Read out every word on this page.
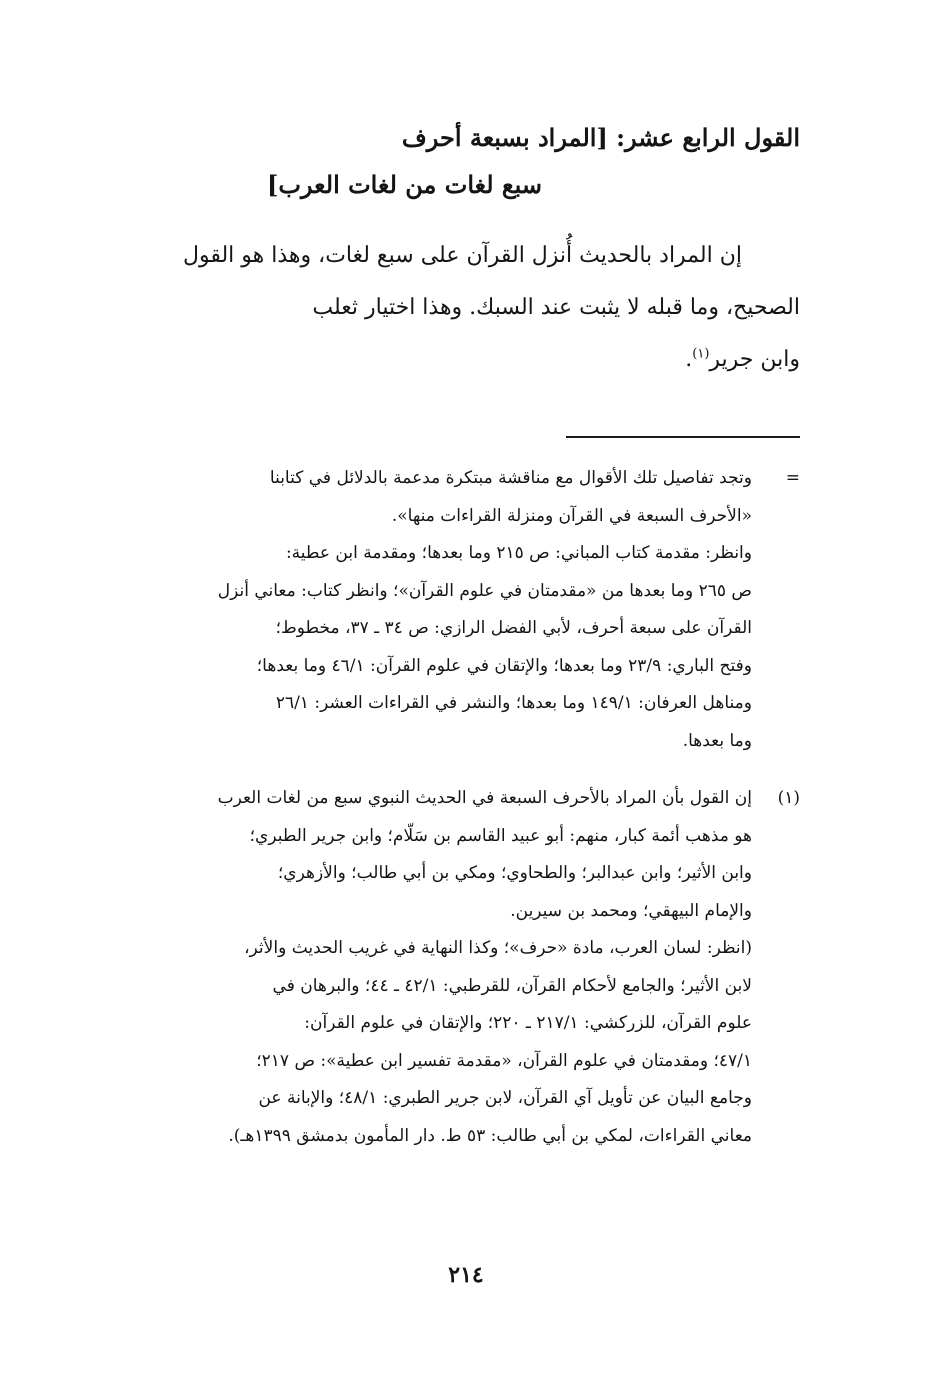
القول الرابع عشر: [المراد بسبعة أحرف
سبع لغات من لغات العرب]

إن المراد بالحديث أُنزل القرآن على سبع لغات، وهذا هو القول

الصحيح، وما قبله لا يثبت عند السبك. وهذا اختيار ثعلب

وابن جرير$^{(١)}$.

=
وتجد تفاصيل تلك الأقوال مع مناقشة مبتكرة مدعمة بالدلائل في كتابنا
«الأحرف السبعة في القرآن ومنزلة القراءات منها».
وانظر: مقدمة كتاب المباني: ص ٢١٥ وما بعدها؛ ومقدمة ابن عطية:
ص ٢٦٥ وما بعدها من «مقدمتان في علوم القرآن»؛ وانظر كتاب: معاني أنزل
القرآن على سبعة أحرف، لأبي الفضل الرازي: ص ٣٤ ـ ٣٧، مخطوط؛
وفتح الباري: ٢٣/٩ وما بعدها؛ والإتقان في علوم القرآن: ٤٦/١ وما بعدها؛
ومناهل العرفان: ١٤٩/١ وما بعدها؛ والنشر في القراءات العشر: ٢٦/١
وما بعدها.
(١)
إن القول بأن المراد بالأحرف السبعة في الحديث النبوي سبع من لغات العرب
هو مذهب أئمة كبار، منهم: أبو عبيد القاسم بن سَلّام؛ وابن جرير الطبري؛
وابن الأثير؛ وابن عبدالبر؛ والطحاوي؛ ومكي بن أبي طالب؛ والأزهري؛
والإمام البيهقي؛ ومحمد بن سيرين.
(انظر: لسان العرب، مادة «حرف»؛ وكذا النهاية في غريب الحديث والأثر،
لابن الأثير؛ والجامع لأحكام القرآن، للقرطبي: ٤٢/١ ـ ٤٤؛ والبرهان في
علوم القرآن، للزركشي: ٢١٧/١ ـ ٢٢٠؛ والإتقان في علوم القرآن:
٤٧/١؛ ومقدمتان في علوم القرآن، «مقدمة تفسير ابن عطية»: ص ٢١٧؛
وجامع البيان عن تأويل آي القرآن، لابن جرير الطبري: ٤٨/١؛ والإبانة عن
معاني القراءات، لمكي بن أبي طالب: ٥٣ ط. دار المأمون بدمشق ١٣٩٩هـ).
٢١٤
